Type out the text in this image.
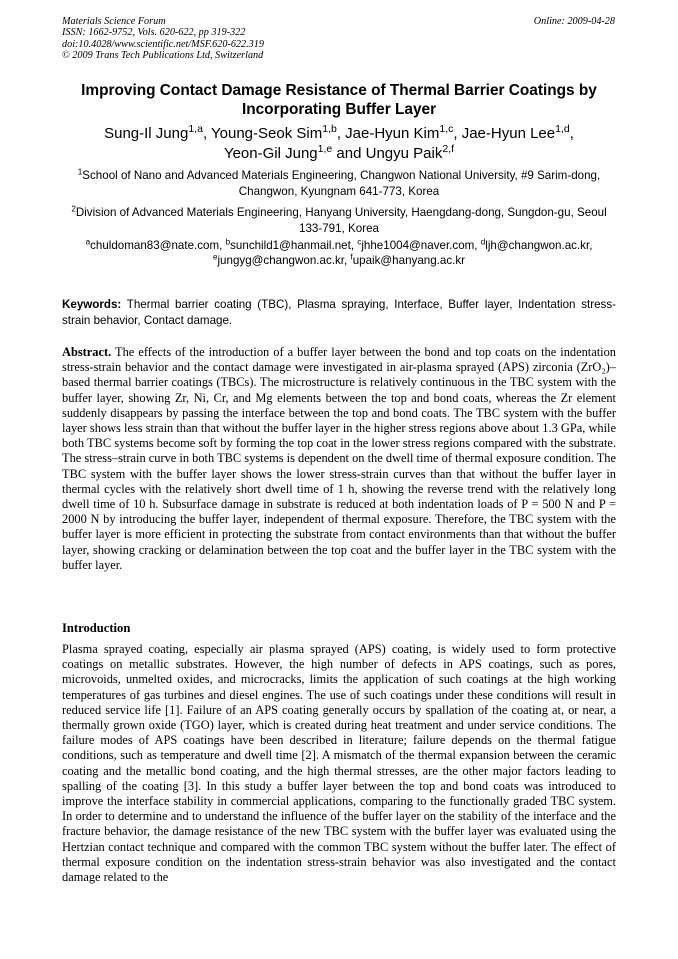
Materials Science Forum
ISSN: 1662-9752, Vols. 620-622, pp 319-322
doi:10.4028/www.scientific.net/MSF.620-622.319
© 2009 Trans Tech Publications Ltd, Switzerland
Online: 2009-04-28
Improving Contact Damage Resistance of Thermal Barrier Coatings by
Incorporating Buffer Layer
Sung-Il Jung$^{1,a}$, Young-Seok Sim$^{1,b}$, Jae-Hyun Kim$^{1,c}$, Jae-Hyun Lee$^{1,d}$,
Yeon-Gil Jung$^{1,e}$ and Ungyu Paik$^{2,f}$
$^1$School of Nano and Advanced Materials Engineering, Changwon National University, #9 Sarim-dong, Changwon, Kyungnam 641-773, Korea
$^2$Division of Advanced Materials Engineering, Hanyang University, Haengdang-dong, Sungdon-gu, Seoul 133-791, Korea
$^a$chuldoman83@nate.com, $^b$sunchild1@hanmail.net, $^c$jhhe1004@naver.com, $^d$ljh@changwon.ac.kr,
$^e$jungyg@changwon.ac.kr, $^f$upaik@hanyang.ac.kr
Keywords: Thermal barrier coating (TBC), Plasma spraying, Interface, Buffer layer, Indentation stress-strain behavior, Contact damage.
Abstract. The effects of the introduction of a buffer layer between the bond and top coats on the indentation stress-strain behavior and the contact damage were investigated in air-plasma sprayed (APS) zirconia (ZrO₂)–based thermal barrier coatings (TBCs). The microstructure is relatively continuous in the TBC system with the buffer layer, showing Zr, Ni, Cr, and Mg elements between the top and bond coats, whereas the Zr element suddenly disappears by passing the interface between the top and bond coats. The TBC system with the buffer layer shows less strain than that without the buffer layer in the higher stress regions above about 1.3 GPa, while both TBC systems become soft by forming the top coat in the lower stress regions compared with the substrate. The stress–strain curve in both TBC systems is dependent on the dwell time of thermal exposure condition. The TBC system with the buffer layer shows the lower stress-strain curves than that without the buffer layer in thermal cycles with the relatively short dwell time of 1 h, showing the reverse trend with the relatively long dwell time of 10 h. Subsurface damage in substrate is reduced at both indentation loads of P = 500 N and P = 2000 N by introducing the buffer layer, independent of thermal exposure. Therefore, the TBC system with the buffer layer is more efficient in protecting the substrate from contact environments than that without the buffer layer, showing cracking or delamination between the top coat and the buffer layer in the TBC system with the buffer layer.
Introduction
Plasma sprayed coating, especially air plasma sprayed (APS) coating, is widely used to form protective coatings on metallic substrates. However, the high number of defects in APS coatings, such as pores, microvoids, unmelted oxides, and microcracks, limits the application of such coatings at the high working temperatures of gas turbines and diesel engines. The use of such coatings under these conditions will result in reduced service life [1]. Failure of an APS coating generally occurs by spallation of the coating at, or near, a thermally grown oxide (TGO) layer, which is created during heat treatment and under service conditions. The failure modes of APS coatings have been described in literature; failure depends on the thermal fatigue conditions, such as temperature and dwell time [2]. A mismatch of the thermal expansion between the ceramic coating and the metallic bond coating, and the high thermal stresses, are the other major factors leading to spalling of the coating [3]. In this study a buffer layer between the top and bond coats was introduced to improve the interface stability in commercial applications, comparing to the functionally graded TBC system. In order to determine and to understand the influence of the buffer layer on the stability of the interface and the fracture behavior, the damage resistance of the new TBC system with the buffer layer was evaluated using the Hertzian contact technique and compared with the common TBC system without the buffer later. The effect of thermal exposure condition on the indentation stress-strain behavior was also investigated and the contact damage related to the
